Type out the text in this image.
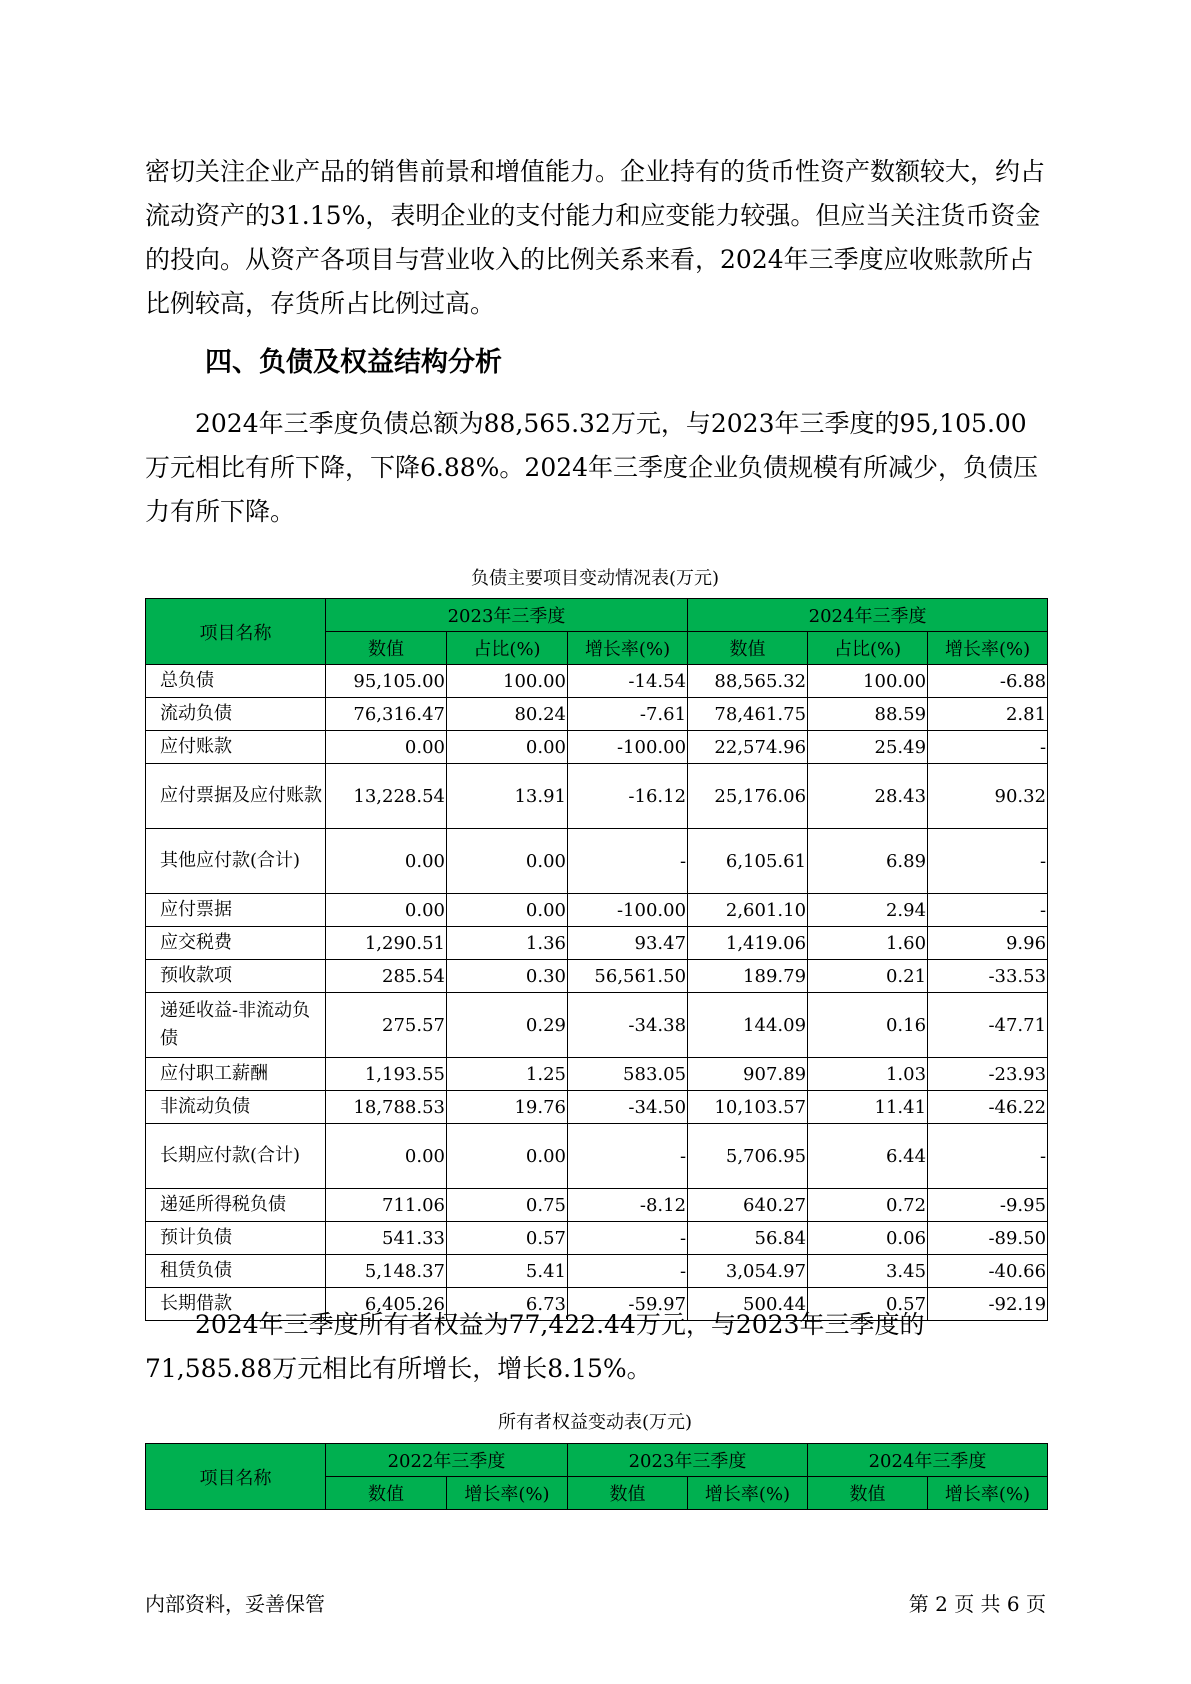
密切关注企业产品的销售前景和增值能力。企业持有的货币性资产数额较大，约占流动资产的31.15%，表明企业的支付能力和应变能力较强。但应当关注货币资金的投向。从资产各项目与营业收入的比例关系来看，2024年三季度应收账款所占比例较高，存货所占比例过高。

四、负债及权益结构分析

2024年三季度负债总额为88,565.32万元，与2023年三季度的95,105.00万元相比有所下降，下降6.88%。2024年三季度企业负债规模有所减少，负债压力有所下降。

负债主要项目变动情况表(万元)

项目名称	2023年三季度			2024年三季度		
	数值	占比(%)	增长率(%)	数值	占比(%)	增长率(%)
总负债	95,105.00	100.00	-14.54	88,565.32	100.00	-6.88
流动负债	76,316.47	80.24	-7.61	78,461.75	88.59	2.81
应付账款	0.00	0.00	-100.00	22,574.96	25.49	-
应付票据及应付账款	13,228.54	13.91	-16.12	25,176.06	28.43	90.32
其他应付款(合计)	0.00	0.00	-	6,105.61	6.89	-
应付票据	0.00	0.00	-100.00	2,601.10	2.94	-
应交税费	1,290.51	1.36	93.47	1,419.06	1.60	9.96
预收款项	285.54	0.30	56,561.50	189.79	0.21	-33.53
递延收益-非流动负债	275.57	0.29	-34.38	144.09	0.16	-47.71
应付职工薪酬	1,193.55	1.25	583.05	907.89	1.03	-23.93
非流动负债	18,788.53	19.76	-34.50	10,103.57	11.41	-46.22
长期应付款(合计)	0.00	0.00	-	5,706.95	6.44	-
递延所得税负债	711.06	0.75	-8.12	640.27	0.72	-9.95
预计负债	541.33	0.57	-	56.84	0.06	-89.50
租赁负债	5,148.37	5.41	-	3,054.97	3.45	-40.66
长期借款	6,405.26	6.73	-59.97	500.44	0.57	-92.19

2024年三季度所有者权益为77,422.44万元，与2023年三季度的71,585.88万元相比有所增长，增长8.15%。

所有者权益变动表(万元)

项目名称	2022年三季度		2023年三季度		2024年三季度	
	数值	增长率(%)	数值	增长率(%)	数值	增长率(%)

内部资料，妥善保管	第 2 页 共 6 页
